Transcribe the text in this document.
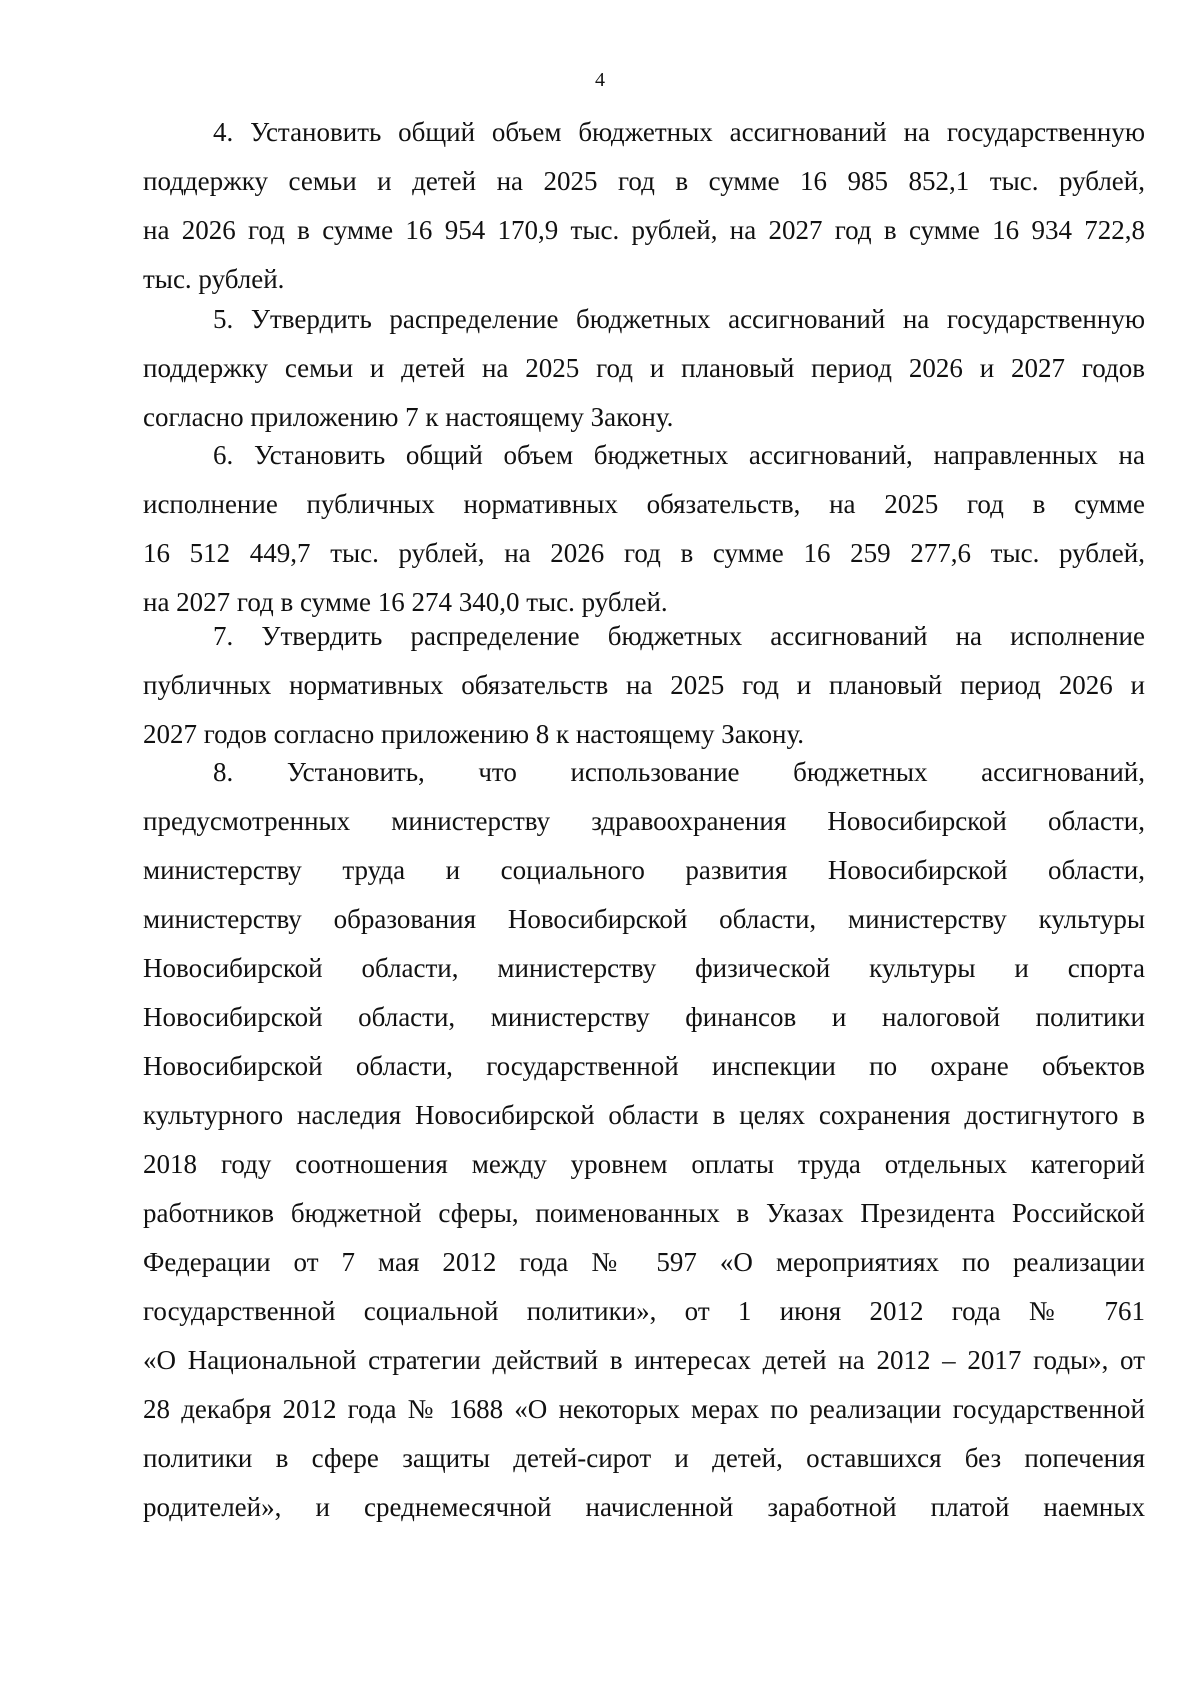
4
4. Установить общий объем бюджетных ассигнований на государственную
поддержку семьи и детей на 2025 год в сумме 16 985 852,1 тыс. рублей,
на 2026 год в сумме 16 954 170,9 тыс. рублей, на 2027 год в сумме 16 934 722,8
тыс. рублей.
5. Утвердить распределение бюджетных ассигнований на государственную
поддержку семьи и детей на 2025 год и плановый период 2026 и 2027 годов
согласно приложению 7 к настоящему Закону.
6. Установить общий объем бюджетных ассигнований, направленных на
исполнение публичных нормативных обязательств, на 2025 год в сумме
16 512 449,7 тыс. рублей, на 2026 год в сумме 16 259 277,6 тыс. рублей,
на 2027 год в сумме 16 274 340,0 тыс. рублей.
7. Утвердить распределение бюджетных ассигнований на исполнение
публичных нормативных обязательств на 2025 год и плановый период 2026 и
2027 годов согласно приложению 8 к настоящему Закону.
8. Установить, что использование бюджетных ассигнований,
предусмотренных министерству здравоохранения Новосибирской области,
министерству труда и социального развития Новосибирской области,
министерству образования Новосибирской области, министерству культуры
Новосибирской области, министерству физической культуры и спорта
Новосибирской области, министерству финансов и налоговой политики
Новосибирской области, государственной инспекции по охране объектов
культурного наследия Новосибирской области в целях сохранения достигнутого в
2018 году соотношения между уровнем оплаты труда отдельных категорий
работников бюджетной сферы, поименованных в Указах Президента Российской
Федерации от 7 мая 2012 года № 597 «О мероприятиях по реализации
государственной социальной политики», от 1 июня 2012 года № 761
«О Национальной стратегии действий в интересах детей на 2012 – 2017 годы», от
28 декабря 2012 года № 1688 «О некоторых мерах по реализации государственной
политики в сфере защиты детей-сирот и детей, оставшихся без попечения
родителей», и среднемесячной начисленной заработной платой наемных
